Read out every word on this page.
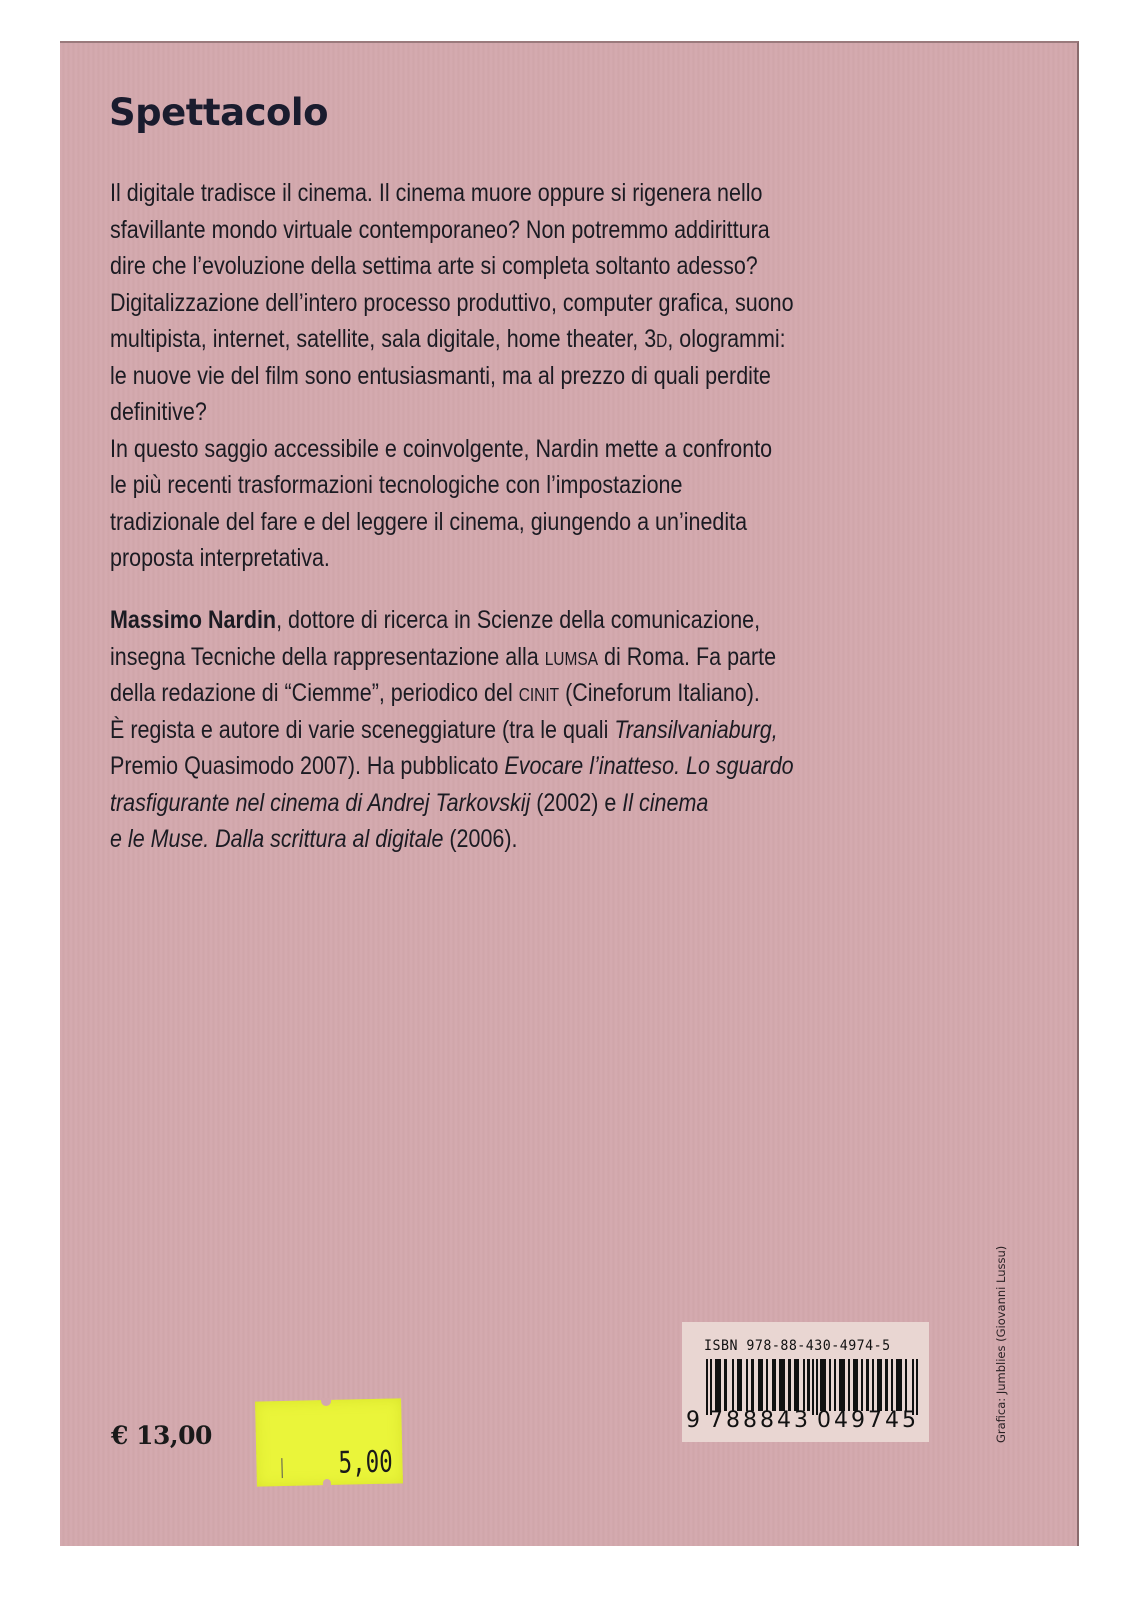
Spettacolo
Il digitale tradisce il cinema. Il cinema muore oppure si rigenera nello
sfavillante mondo virtuale contemporaneo? Non potremmo addirittura
dire che l’evoluzione della settima arte si completa soltanto adesso?
Digitalizzazione dell’intero processo produttivo, computer grafica, suono
multipista, internet, satellite, sala digitale, home theater, 3d, ologrammi:
le nuove vie del film sono entusiasmanti, ma al prezzo di quali perdite
definitive?
In questo saggio accessibile e coinvolgente, Nardin mette a confronto
le più recenti trasformazioni tecnologiche con l’impostazione
tradizionale del fare e del leggere il cinema, giungendo a un’inedita
proposta interpretativa.
Massimo Nardin, dottore di ricerca in Scienze della comunicazione,
insegna Tecniche della rappresentazione alla lumsa di Roma. Fa parte
della redazione di “Ciemme”, periodico del cinit (Cineforum Italiano).
È regista e autore di varie sceneggiature (tra le quali Transilvaniaburg,
Premio Quasimodo 2007). Ha pubblicato Evocare l’inatteso. Lo sguardo
trasfigurante nel cinema di Andrej Tarkovskij (2002) e Il cinema
e le Muse. Dalla scrittura al digitale (2006).
€ 13,00
5,00
ISBN 978-88-430-4974-5
9 788843 049745	Grafica: Jumblies (Giovanni Lussu)
